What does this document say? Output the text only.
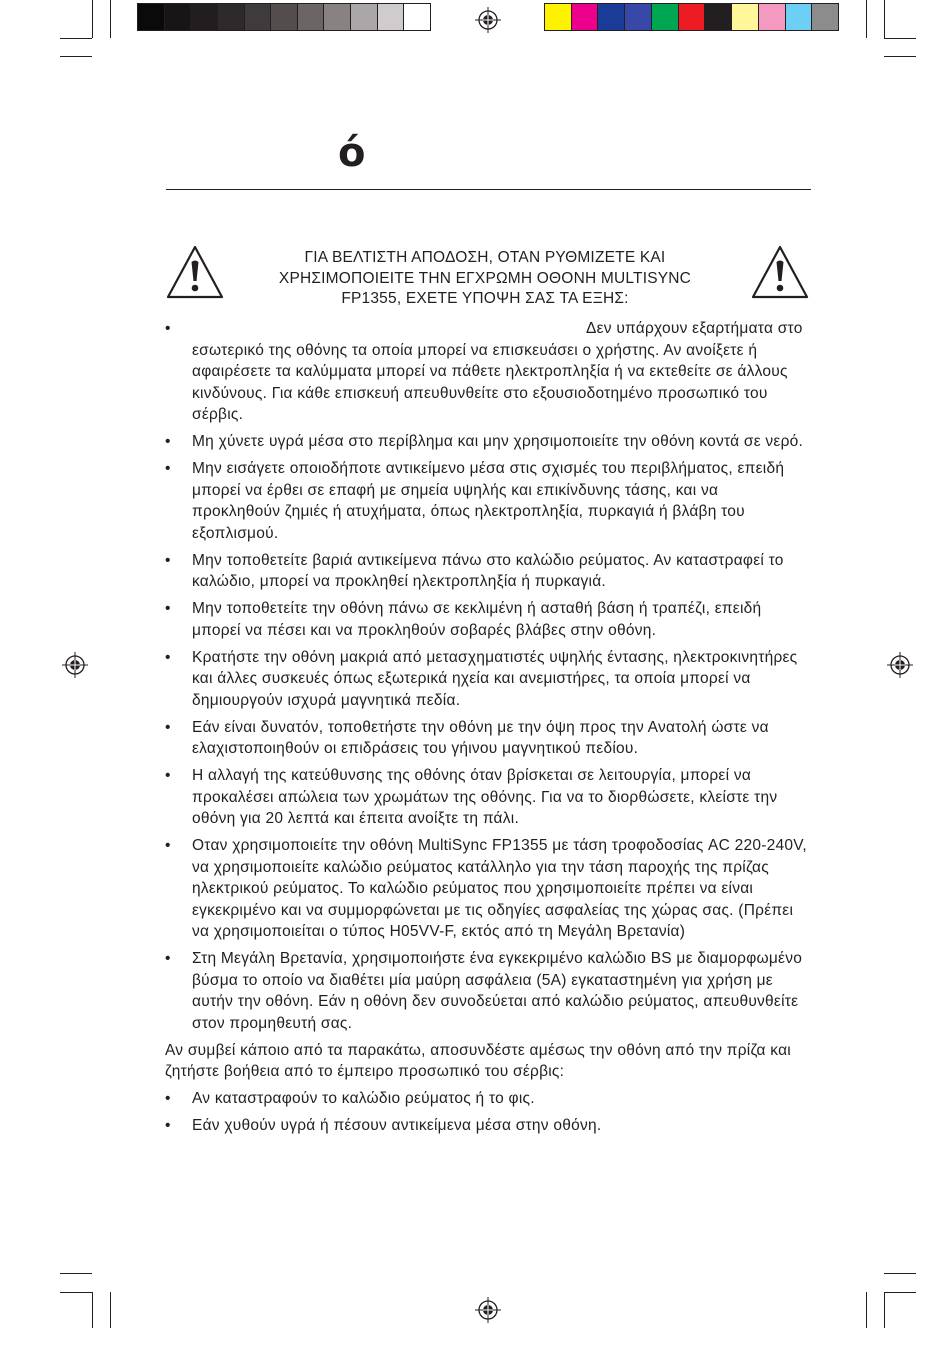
ό
ΓΙΑ ΒΕΛΤΙΣΤΗ ΑΠΟΔΟΣΗ, ΟΤΑΝ ΡΥΘΜΙΖΕΤΕ ΚΑΙ
ΧΡΗΣΙΜΟΠΟΙΕΙΤΕ ΤΗΝ ΕΓΧΡΩΜΗ ΟΘΟΝΗ MULTISYNC
FP1355, ΕΧΕΤΕ ΥΠΟΨΗ ΣΑΣ ΤΑ ΕΞΗΣ:
•	Δεν υπάρχουν εξαρτήματα στο εσωτερικό της οθόνης τα οποία μπορεί να επισκευάσει ο χρήστης. Αν ανοίξετε ή αφαιρέσετε τα καλύμματα μπορεί να πάθετε ηλεκτροπληξία ή να εκτεθείτε σε άλλους κινδύνους. Για κάθε επισκευή απευθυνθείτε στο εξουσιοδοτημένο προσωπικό του σέρβις.
• Μη χύνετε υγρά μέσα στο περίβλημα και μην χρησιμοποιείτε την οθόνη κοντά σε νερό.
• Μην εισάγετε οποιοδήποτε αντικείμενο μέσα στις σχισμές του περιβλήματος, επειδή μπορεί να έρθει σε επαφή με σημεία υψηλής και επικίνδυνης τάσης, και να προκληθούν ζημιές ή ατυχήματα, όπως ηλεκτροπληξία, πυρκαγιά ή βλάβη του εξοπλισμού.
• Μην τοποθετείτε βαριά αντικείμενα πάνω στο καλώδιο ρεύματος. Αν καταστραφεί το καλώδιο, μπορεί να προκληθεί ηλεκτροπληξία ή πυρκαγιά.
• Μην τοποθετείτε την οθόνη πάνω σε κεκλιμένη ή ασταθή βάση ή τραπέζι, επειδή μπορεί να πέσει και να προκληθούν σοβαρές βλάβες στην οθόνη.
• Κρατήστε την οθόνη μακριά από μετασχηματιστές υψηλής έντασης, ηλεκτροκινητήρες και άλλες συσκευές όπως εξωτερικά ηχεία και ανεμιστήρες, τα οποία μπορεί να δημιουργούν ισχυρά μαγνητικά πεδία.
• Εάν είναι δυνατόν, τοποθετήστε την οθόνη με την όψη προς την Ανατολή ώστε να ελαχιστοποιηθούν οι επιδράσεις του γήινου μαγνητικού πεδίου.
• Η αλλαγή της κατεύθυνσης της οθόνης όταν βρίσκεται σε λειτουργία, μπορεί να προκαλέσει απώλεια των χρωμάτων της οθόνης. Για να το διορθώσετε, κλείστε την οθόνη για 20 λεπτά και έπειτα ανοίξτε τη πάλι.
• Οταν χρησιμοποιείτε την οθόνη MultiSync FP1355 με τάση τροφοδοσίας AC 220-240V, να χρησιμοποιείτε καλώδιο ρεύματος κατάλληλο για την τάση παροχής της πρίζας ηλεκτρικού ρεύματος. Το καλώδιο ρεύματος που χρησιμοποιείτε πρέπει να είναι εγκεκριμένο και να συμμορφώνεται με τις οδηγίες ασφαλείας της χώρας σας. (Πρέπει να χρησιμοποιείται ο τύπος H05VV-F, εκτός από τη Μεγάλη Βρετανία)
• Στη Μεγάλη Βρετανία, χρησιμοποιήστε ένα εγκεκριμένο καλώδιο BS με διαμορφωμένο βύσμα το οποίο να διαθέτει μία μαύρη ασφάλεια (5A) εγκαταστημένη για χρήση με αυτήν την οθόνη. Εάν η οθόνη δεν συνοδεύεται από καλώδιο ρεύματος, απευθυνθείτε στον προμηθευτή σας.
Αν συμβεί κάποιο από τα παρακάτω, αποσυνδέστε αμέσως την οθόνη από την πρίζα και ζητήστε βοήθεια από το έμπειρο προσωπικό του σέρβις:
• Αν καταστραφούν το καλώδιο ρεύματος ή το φις.
• Εάν χυθούν υγρά ή πέσουν αντικείμενα μέσα στην οθόνη.
